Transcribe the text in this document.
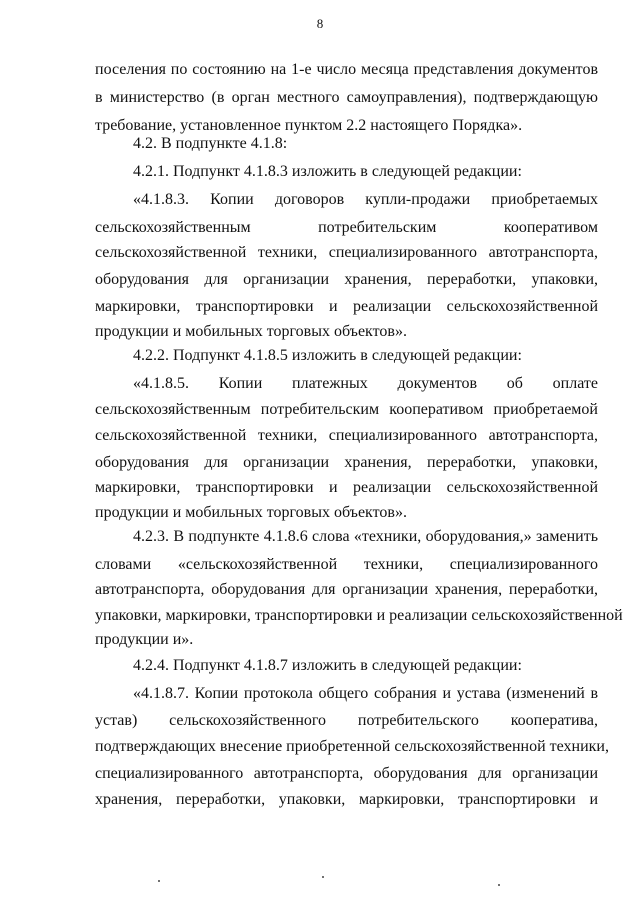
8
поселения по состоянию на 1-е число месяца представления документов
в министерство (в орган местного самоуправления), подтверждающую
требование, установленное пунктом 2.2 настоящего Порядка».
4.2. В подпункте 4.1.8:
4.2.1. Подпункт 4.1.8.3 изложить в следующей редакции:
«4.1.8.3. Копии договоров купли-продажи приобретаемых
сельскохозяйственным потребительским кооперативом
сельскохозяйственной техники, специализированного автотранспорта,
оборудования для организации хранения, переработки, упаковки,
маркировки, транспортировки и реализации сельскохозяйственной
продукции и мобильных торговых объектов».
4.2.2. Подпункт 4.1.8.5 изложить в следующей редакции:
«4.1.8.5. Копии платежных документов об оплате
сельскохозяйственным потребительским кооперативом приобретаемой
сельскохозяйственной техники, специализированного автотранспорта,
оборудования для организации хранения, переработки, упаковки,
маркировки, транспортировки и реализации сельскохозяйственной
продукции и мобильных торговых объектов».
4.2.3. В подпункте 4.1.8.6 слова «техники, оборудования,» заменить
словами «сельскохозяйственной техники, специализированного
автотранспорта, оборудования для организации хранения, переработки,
упаковки, маркировки, транспортировки и реализации сельскохозяйственной
продукции и».
4.2.4. Подпункт 4.1.8.7 изложить в следующей редакции:
«4.1.8.7. Копии протокола общего собрания и устава (изменений в
устав) сельскохозяйственного потребительского кооператива,
подтверждающих внесение приобретенной сельскохозяйственной техники,
специализированного автотранспорта, оборудования для организации
хранения, переработки, упаковки, маркировки, транспортировки и
